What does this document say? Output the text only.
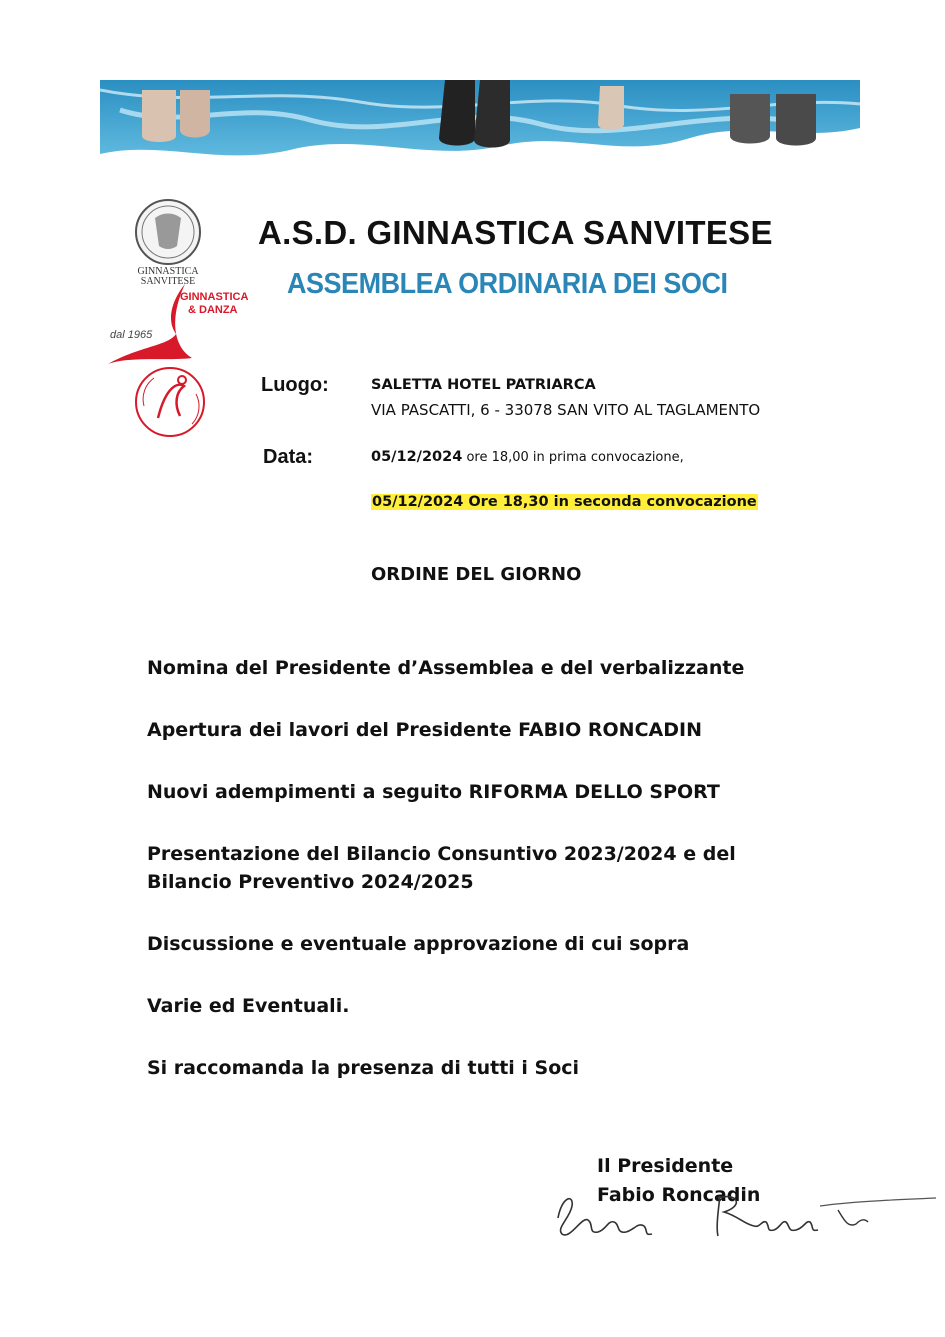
GINNASTICA
SANVITESE
GINNASTICA
& DANZA
dal 1965
A.S.D. GINNASTICA SANVITESE
ASSEMBLEA ORDINARIA DEI SOCI
Luogo:	SALETTA HOTEL PATRIARCA
VIA PASCATTI, 6 - 33078 SAN VITO AL TAGLAMENTO
Data:	05/12/2024 ore 18,00 in prima convocazione,
05/12/2024 Ore 18,30 in seconda convocazione
ORDINE DEL GIORNO
Nomina del Presidente d’Assemblea e del verbalizzante
Apertura dei lavori del Presidente FABIO RONCADIN
Nuovi adempimenti a seguito RIFORMA DELLO SPORT
Presentazione del Bilancio Consuntivo 2023/2024 e del Bilancio Preventivo 2024/2025
Discussione e eventuale approvazione di cui sopra
Varie ed Eventuali.
Si raccomanda la presenza di tutti i Soci
Il Presidente
Fabio Roncadin
